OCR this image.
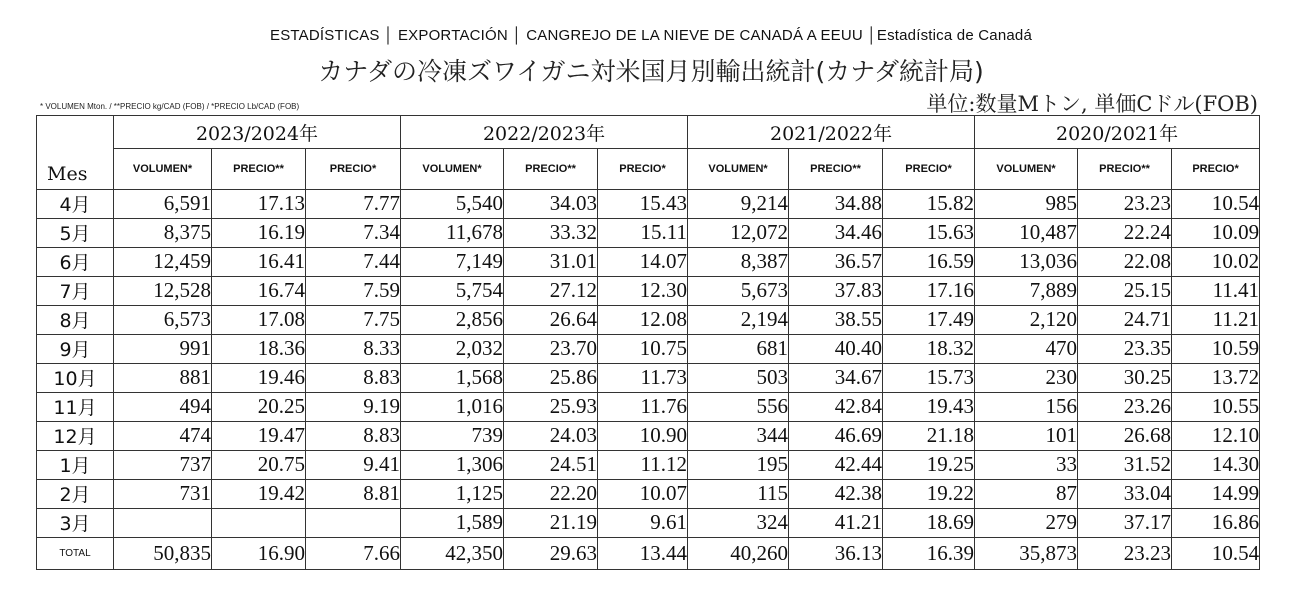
ESTADÍSTICAS │ EXPORTACIÓN │ CANGREJO DE LA NIEVE DE CANADÁ A EEUU │Estadística de Canadá
カナダの冷凍ズワイガニ対米国月別輸出統計(カナダ統計局)
* VOLUMEN Mton. / **PRECIO kg/CAD (FOB) / *PRECIO Lb/CAD (FOB)	単位:数量Mトン, 単価Cドル(FOB)
Mes	2023/2024年			2022/2023年			2021/2022年			2020/2021年		
	VOLUMEN*	PRECIO**	PRECIO*	VOLUMEN*	PRECIO**	PRECIO*	VOLUMEN*	PRECIO**	PRECIO*	VOLUMEN*	PRECIO**	PRECIO*
4月	6,591	17.13	7.77	5,540	34.03	15.43	9,214	34.88	15.82	985	23.23	10.54
5月	8,375	16.19	7.34	11,678	33.32	15.11	12,072	34.46	15.63	10,487	22.24	10.09
6月	12,459	16.41	7.44	7,149	31.01	14.07	8,387	36.57	16.59	13,036	22.08	10.02
7月	12,528	16.74	7.59	5,754	27.12	12.30	5,673	37.83	17.16	7,889	25.15	11.41
8月	6,573	17.08	7.75	2,856	26.64	12.08	2,194	38.55	17.49	2,120	24.71	11.21
9月	991	18.36	8.33	2,032	23.70	10.75	681	40.40	18.32	470	23.35	10.59
10月	881	19.46	8.83	1,568	25.86	11.73	503	34.67	15.73	230	30.25	13.72
11月	494	20.25	9.19	1,016	25.93	11.76	556	42.84	19.43	156	23.26	10.55
12月	474	19.47	8.83	739	24.03	10.90	344	46.69	21.18	101	26.68	12.10
1月	737	20.75	9.41	1,306	24.51	11.12	195	42.44	19.25	33	31.52	14.30
2月	731	19.42	8.81	1,125	22.20	10.07	115	42.38	19.22	87	33.04	14.99
3月				1,589	21.19	9.61	324	41.21	18.69	279	37.17	16.86
TOTAL	50,835	16.90	7.66	42,350	29.63	13.44	40,260	36.13	16.39	35,873	23.23	10.54
